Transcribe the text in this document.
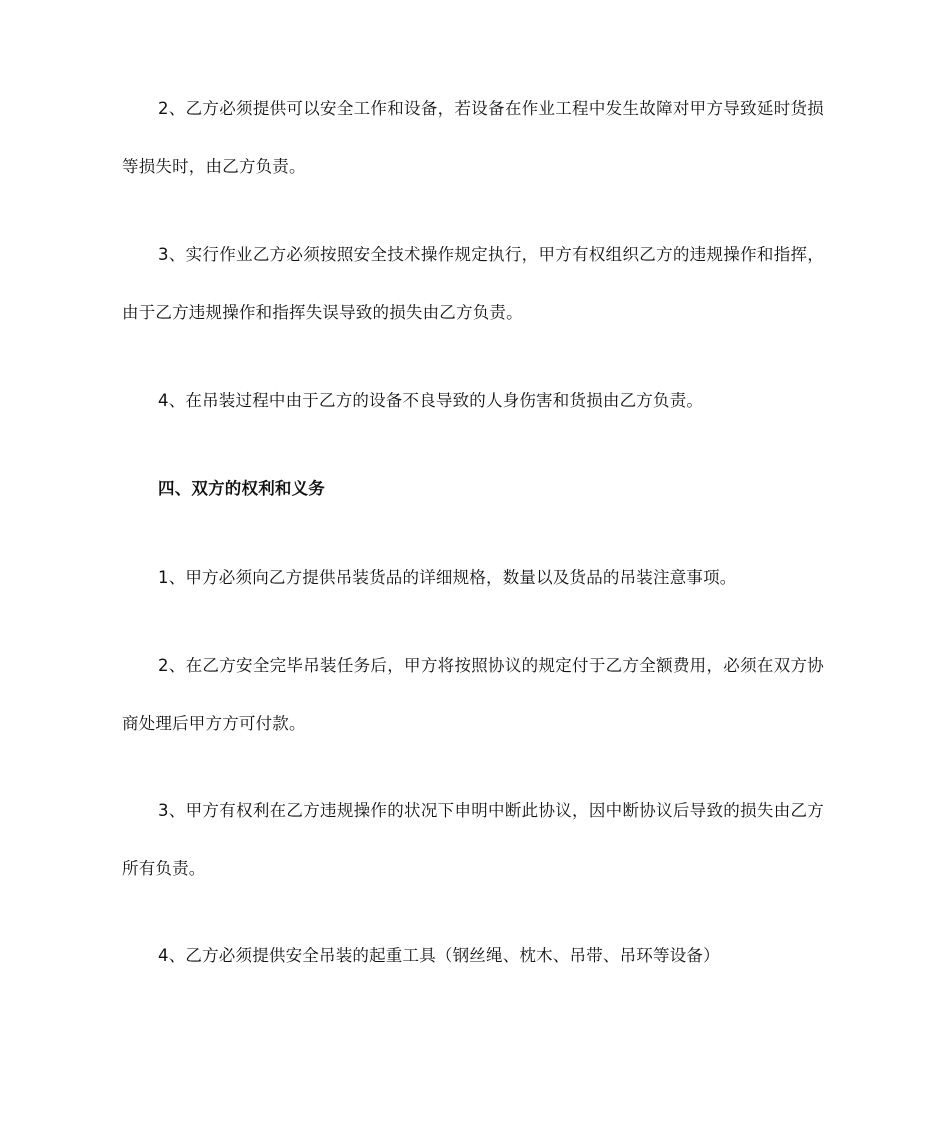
2、乙方必须提供可以安全工作和设备，若设备在作业工程中发生故障对甲方导致延时货损等损失时，由乙方负责。

3、实行作业乙方必须按照安全技术操作规定执行，甲方有权组织乙方的违规操作和指挥，由于乙方违规操作和指挥失误导致的损失由乙方负责。

4、在吊装过程中由于乙方的设备不良导致的人身伤害和货损由乙方负责。

四、双方的权利和义务

1、甲方必须向乙方提供吊装货品的详细规格，数量以及货品的吊装注意事项。

2、在乙方安全完毕吊装任务后，甲方将按照协议的规定付于乙方全额费用，必须在双方协商处理后甲方方可付款。

3、甲方有权利在乙方违规操作的状况下申明中断此协议，因中断协议后导致的损失由乙方所有负责。

4、乙方必须提供安全吊装的起重工具（钢丝绳、枕木、吊带、吊环等设备）
